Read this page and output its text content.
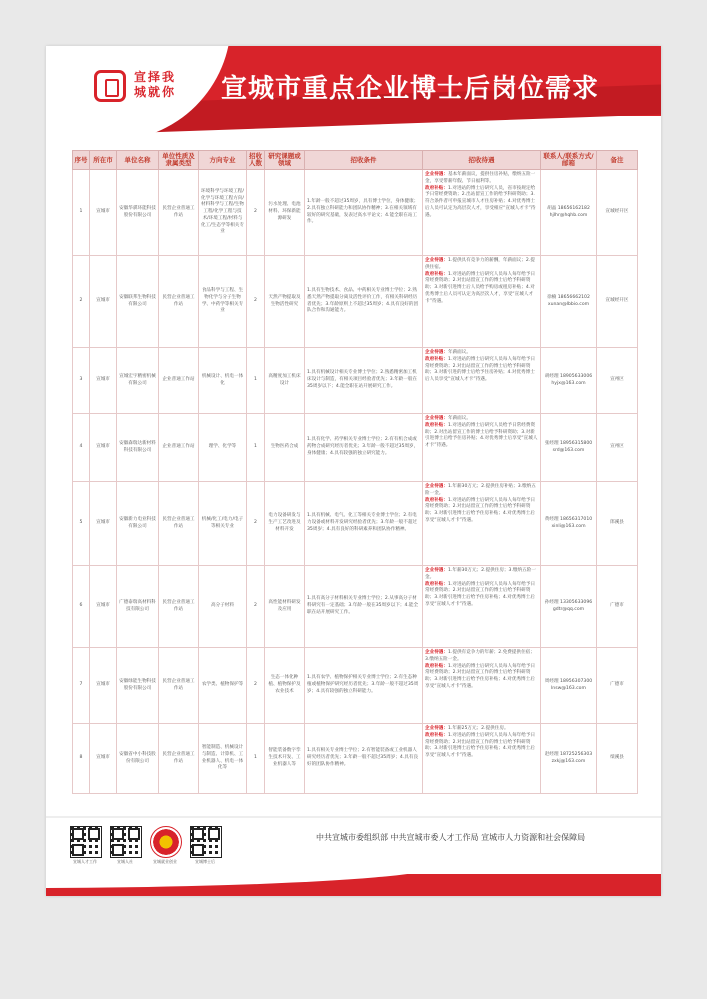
宣择我
城就你	宣城市重点企业博士后岗位需求
序号	所在市	单位名称	单位性质及隶属类型	方向专业	招收人数	研究课题或领域	招收条件	招收待遇	联系人/联系方式/邮箱	备注
1	宣城市	安徽华骐环能科技股份有限公司	民营企业普通工作站	环境科学与环境工程/化学与环境工程方向/材料科学与工程/生物工程/化学工程与技术/环境工程/材料与化工/生态学等相关专业	2	污水处理、电池材料、环保新能源研发	1.年龄一般不超过35周岁，具有博士学位，身体健康；2.具有独立科研能力和团队协作精神；3.在相关领域有较好的研究基础，发表过高水平论文；4.能全职在站工作。	企业待遇：基本年薪面议，提供住房补贴，缴纳五险一金，享受带薪年假、节日福利等。
政府补贴：1.对进站的博士后研究人员，省市按规定给予日常经费资助；2.出站留宣工作的给予科研资助；3.符合条件者可申报宣城市人才住房补贴；4.对优秀博士后人员可认定为高层次人才，享受相应“宣城人才卡”待遇。	胡晶 18656162182 hjlhr@hqhb.com	宣城经开区
2	宣城市	安徽联邦生物科技有限公司	民营企业普通工作站	食品科学与工程、生物化学与分子生物学、中药学等相关专业	2	天然产物提取及生物活性研究	1.具有生物技术、食品、中药相关专业博士学位；2.熟悉天然产物提取分离及活性评价工作，有相关科研经历者优先；3.年龄原则上不超过35周岁；4.具有良好的团队合作和沟通能力。	企业待遇：1.提供具有竞争力的薪酬，年薪面议；2.提供住宿。
政府补贴：1.对进站的博士后研究人员每人每年给予日常经费资助；2.对出站留宣工作的博士后给予科研资助；3.对新引进博士后人员给予购房或租房补贴；4.对优秀博士后人员可认定为高层次人才，享受“宣城人才卡”待遇。	徐楠 18656662102 xunan@lbbio.com	宣城经开区
3	宣城市	宣城宏宇精密机械有限公司	企业普通工作站	机械设计、机电一体化	1	高精度加工机床设计	1.具有机械设计相关专业博士学位；2.熟悉精密加工机床设计与制造，有相关项目经验者优先；3.年龄一般在35周岁以下；4.能全职在站开展研究工作。	企业待遇：年薪面议。
政府补贴：1.对进站的博士后研究人员每人每年给予日常经费资助；2.对出站留宣工作的博士后给予科研资助；3.对新引进的博士后给予住房补贴；4.对优秀博士后人员享受“宣城人才卡”待遇。	胡经理 18905633006 hyjx@163.com	宣州区
4	宣城市	安徽森瑞达新材料科技有限公司	企业普通工作站	理学、化学等	1	生物医药合成	1.具有化学、药学相关专业博士学位；2.有有机合成或药物合成研究经历者优先；3.年龄一般不超过35周岁，身体健康；4.具有较强的独立研究能力。	企业待遇：年薪面议。
政府补贴：1.对进站的博士后研究人员给予日常经费资助；2.对出站留宣工作的博士后给予科研资助；3.对新引进博士后给予住房补贴；4.对优秀博士后享受“宣城人才卡”待遇。	张经理 18956315800 srd@163.com	宣州区
5	宣城市	安徽新力电业科技有限公司	民营企业普通工作站	机械/化工/电力/电子等相关专业	2	电力设备研发与生产工艺改进及材料开发	1.具有机械、电气、化工等相关专业博士学位；2.有电力设备或材料开发研究经验者优先；3.年龄一般不超过35周岁；4.具有良好的科研素养和团队协作精神。	企业待遇：1.年薪30万元；2.提供住房补贴；3.缴纳五险一金。
政府补贴：1.对进站的博士后研究人员每人每年给予日常经费资助；2.对出站留宣工作的博士后给予科研资助；3.对新引进博士后给予住房补贴；4.对优秀博士后享受“宣城人才卡”待遇。	黄经理 18656317010 xinli@163.com	郎溪县
6	宣城市	广德泰瑞高材料科技有限公司	民营企业普通工作站	高分子材料	2	高性能材料研发及应用	1.具有高分子材料相关专业博士学位；2.从事高分子材料研究有一定基础；3.年龄一般在35周岁以下；4.能全职在站开展研究工作。	企业待遇：1.年薪30万元；2.提供住房；3.缴纳五险一金。
政府补贴：1.对进站的博士后研究人员每人每年给予日常经费资助；2.对出站留宣工作的博士后给予科研资助；3.对新引进博士后给予住房补贴；4.对优秀博士后享受“宣城人才卡”待遇。	孙经理 13305633096 gdtr@qq.com	广德市
7	宣城市	安徽绿能生物科技股份有限公司	民营企业普通工作站	农学类、植物保护等	2	生态一体化种植、植物保护及农业技术	1.具有农学、植物保护相关专业博士学位；2.有生态种植或植物保护研究经历者优先；3.年龄一般不超过35周岁；4.具有较强的独立科研能力。	企业待遇：1.提供有竞争力的年薪；2.免费提供住宿；3.缴纳五险一金。
政府补贴：1.对进站的博士后研究人员每人每年给予日常经费资助；2.对出站留宣工作的博士后给予科研资助；3.对新引进博士后给予住房补贴；4.对优秀博士后享受“宣城人才卡”待遇。	周经理 18956307300 lnsw@163.com	广德市
8	宣城市	安徽省中小科技股份有限公司	民营企业普通工作站	智能制造、机械设计与制造、计算机、工业机器人、机电一体化等	1	智能装备数字孪生技术开发、工业机器人等	1.具有相关专业博士学位；2.有智能装备或工业机器人研究经历者优先；3.年龄一般不超过35周岁；4.具有良好的团队协作精神。	企业待遇：1.年薪25万元；2.提供住房。
政府补贴：1.对进站的博士后研究人员每人每年给予日常经费资助；2.对出站留宣工作的博士后给予科研资助；3.对新引进博士后给予住房补贴；4.对优秀博士后享受“宣城人才卡”待遇。	赵经理 18725256303 zxkj@163.com	绩溪县
宣城人才工作	宣城人社	宣城就业创业	宣城博士后
中共宣城市委组织部 中共宣城市委人才工作局 宣城市人力资源和社会保障局
